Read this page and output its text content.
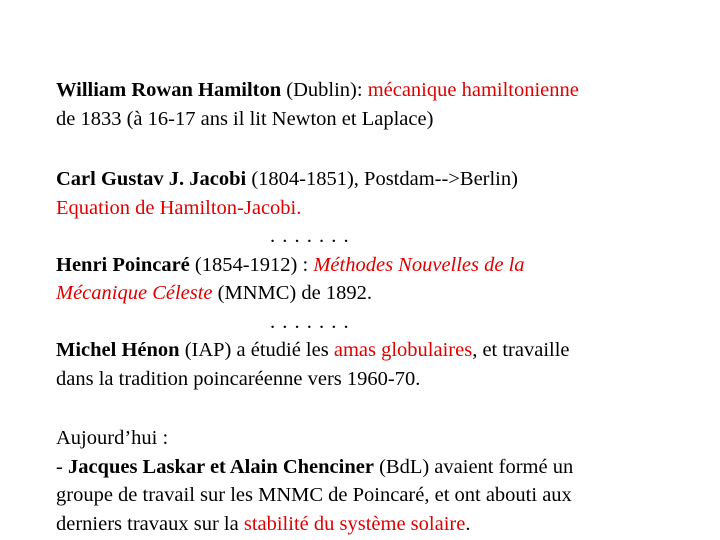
William Rowan Hamilton (Dublin): mécanique hamiltonienne

de 1833 (à 16-17 ans il lit Newton et Laplace)

Carl Gustav J. Jacobi (1804-1851), Postdam-->Berlin)

Equation de Hamilton-Jacobi.

. . . . . . .

Henri Poincaré (1854-1912) : Méthodes Nouvelles de la

Mécanique Céleste (MNMC) de 1892.

. . . . . . .

Michel Hénon (IAP) a étudié les amas globulaires, et travaille

dans la tradition poincaréenne vers 1960-70.

Aujourd’hui :

- Jacques Laskar et Alain Chenciner (BdL) avaient formé un

groupe de travail sur les MNMC de Poincaré, et ont abouti aux

derniers travaux sur la stabilité du système solaire.
